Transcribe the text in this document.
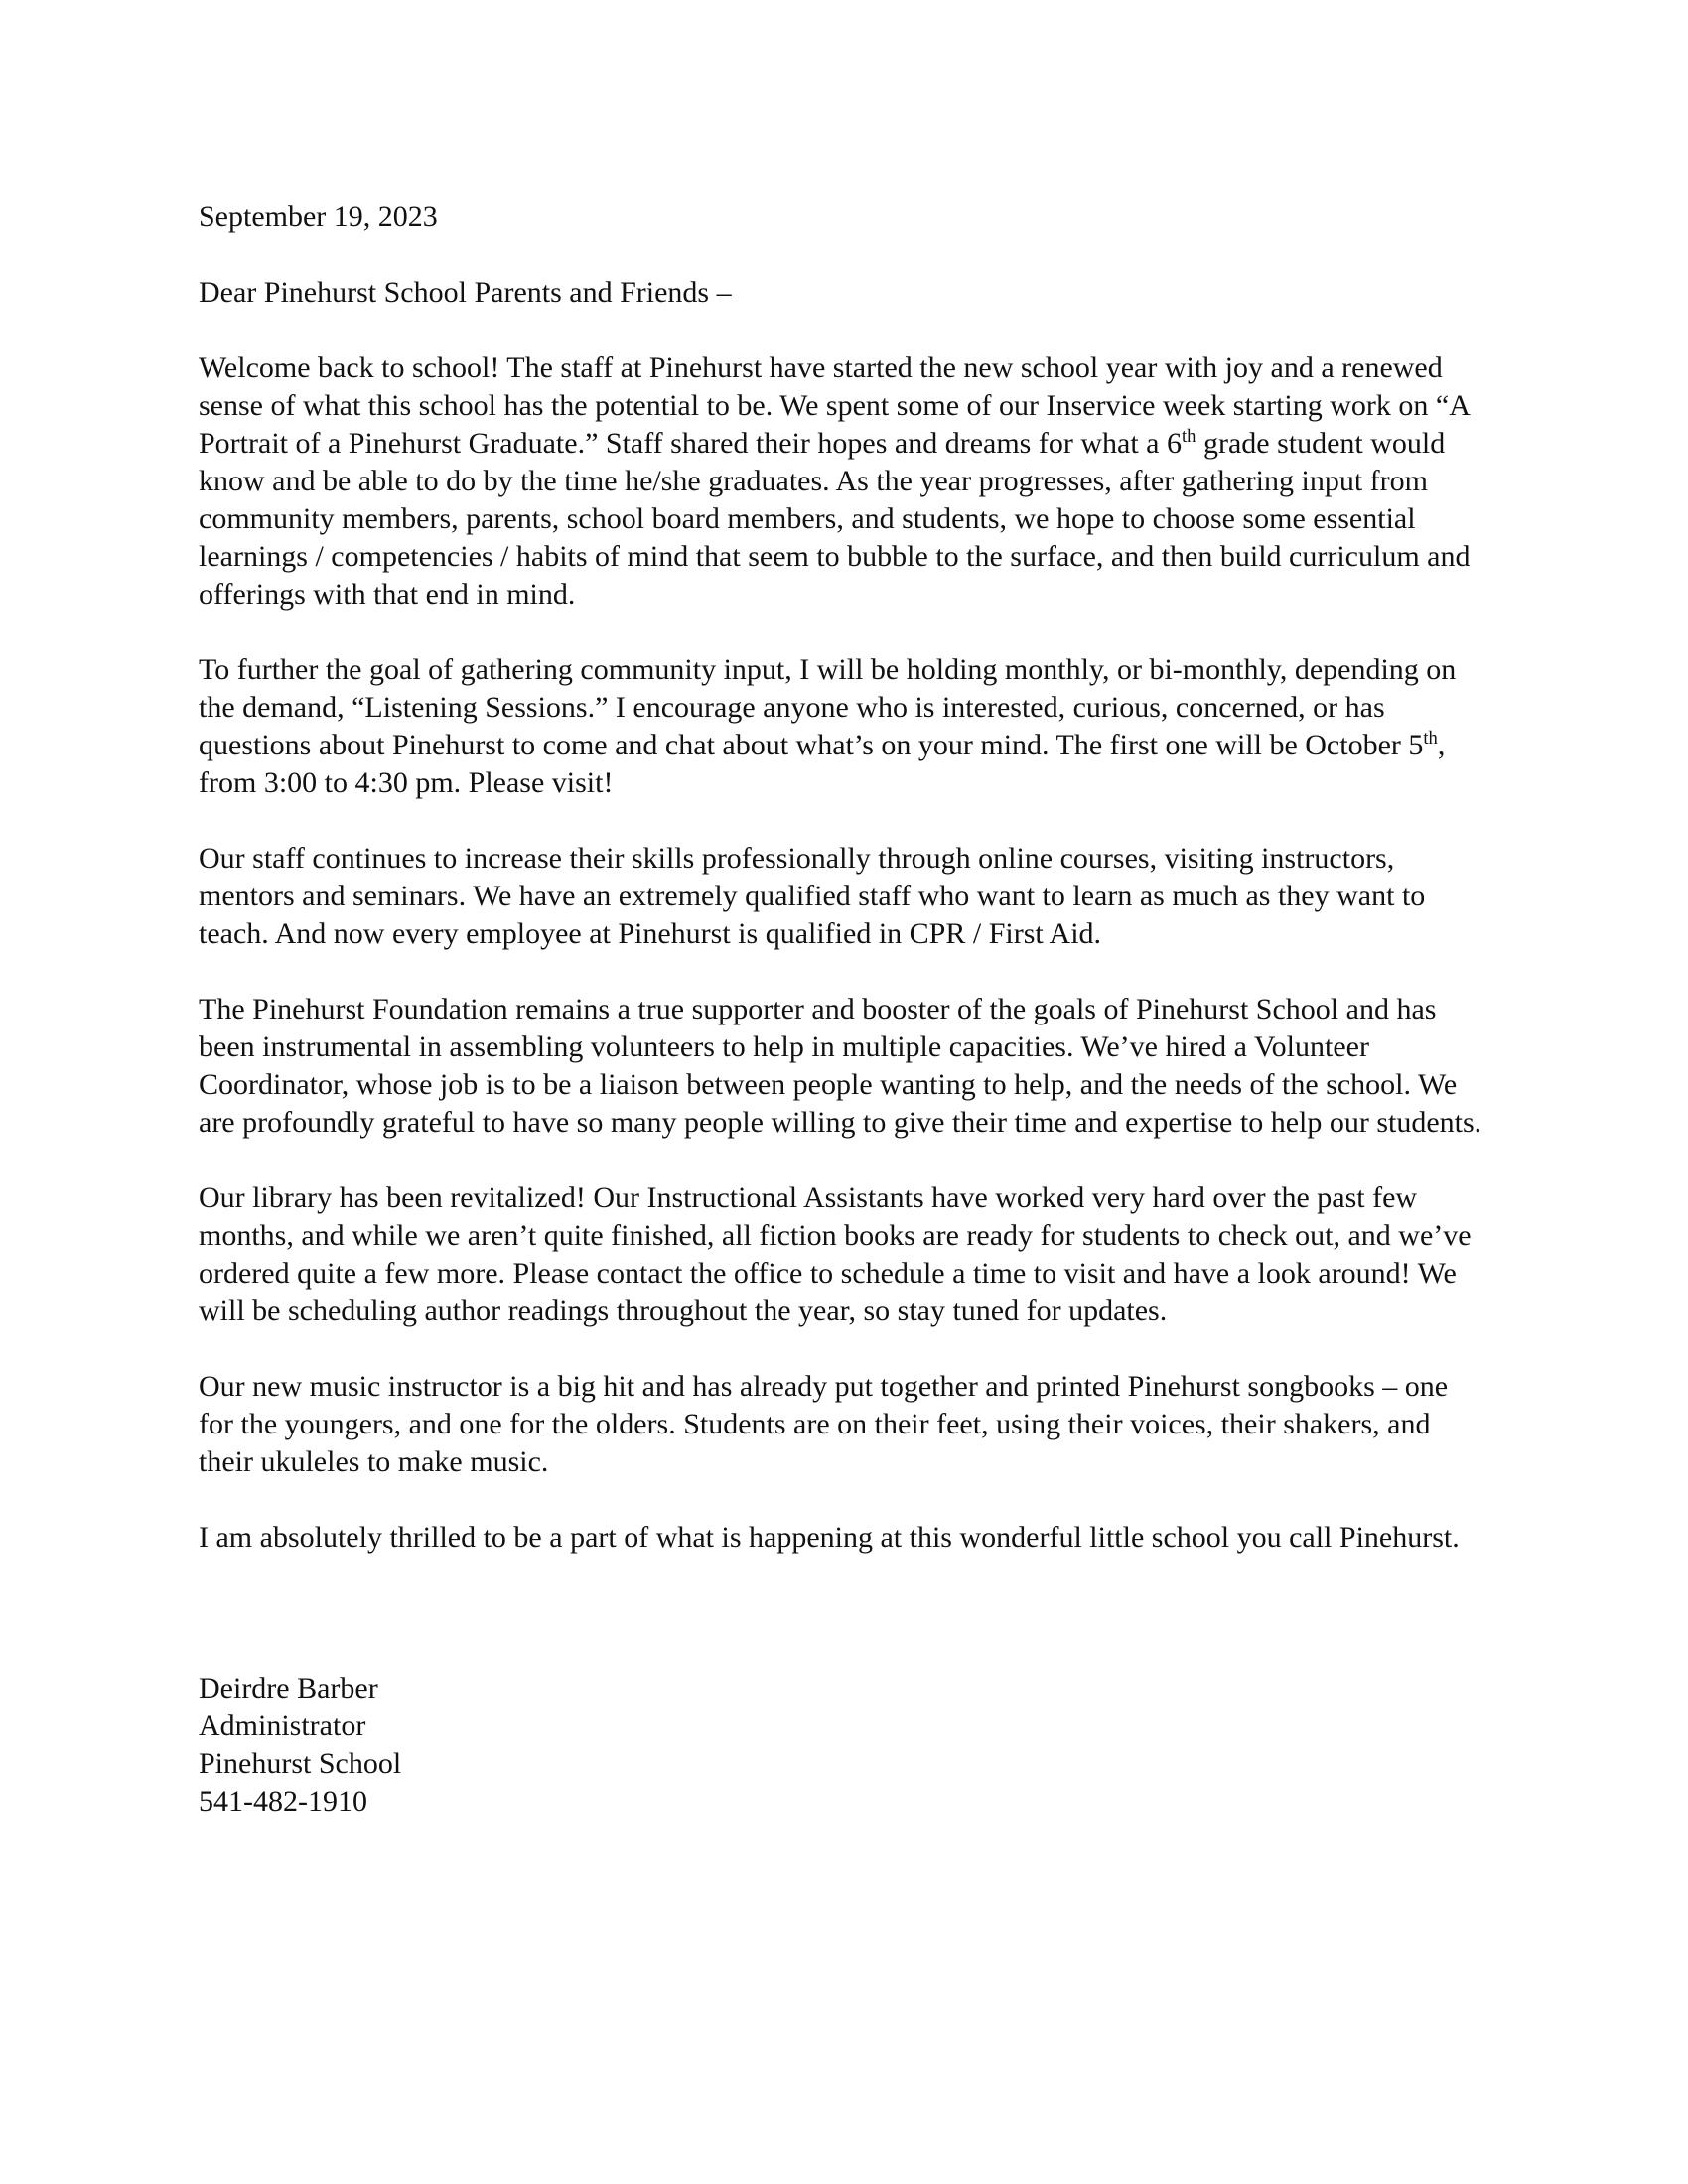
September 19, 2023

Dear Pinehurst School Parents and Friends –

Welcome back to school! The staff at Pinehurst have started the new school year with joy and a renewed sense of what this school has the potential to be. We spent some of our Inservice week starting work on “A Portrait of a Pinehurst Graduate.” Staff shared their hopes and dreams for what a 6th grade student would know and be able to do by the time he/she graduates. As the year progresses, after gathering input from community members, parents, school board members, and students, we hope to choose some essential learnings / competencies / habits of mind that seem to bubble to the surface, and then build curriculum and offerings with that end in mind.

To further the goal of gathering community input, I will be holding monthly, or bi-monthly, depending on the demand, “Listening Sessions.” I encourage anyone who is interested, curious, concerned, or has questions about Pinehurst to come and chat about what’s on your mind. The first one will be October 5th, from 3:00 to 4:30 pm. Please visit!

Our staff continues to increase their skills professionally through online courses, visiting instructors, mentors and seminars. We have an extremely qualified staff who want to learn as much as they want to teach. And now every employee at Pinehurst is qualified in CPR / First Aid.

The Pinehurst Foundation remains a true supporter and booster of the goals of Pinehurst School and has been instrumental in assembling volunteers to help in multiple capacities. We’ve hired a Volunteer Coordinator, whose job is to be a liaison between people wanting to help, and the needs of the school. We are profoundly grateful to have so many people willing to give their time and expertise to help our students.

Our library has been revitalized! Our Instructional Assistants have worked very hard over the past few months, and while we aren’t quite finished, all fiction books are ready for students to check out, and we’ve ordered quite a few more. Please contact the office to schedule a time to visit and have a look around! We will be scheduling author readings throughout the year, so stay tuned for updates.

Our new music instructor is a big hit and has already put together and printed Pinehurst songbooks – one for the youngers, and one for the olders. Students are on their feet, using their voices, their shakers, and their ukuleles to make music.

I am absolutely thrilled to be a part of what is happening at this wonderful little school you call Pinehurst.

Deirdre Barber
Administrator
Pinehurst School
541-482-1910
